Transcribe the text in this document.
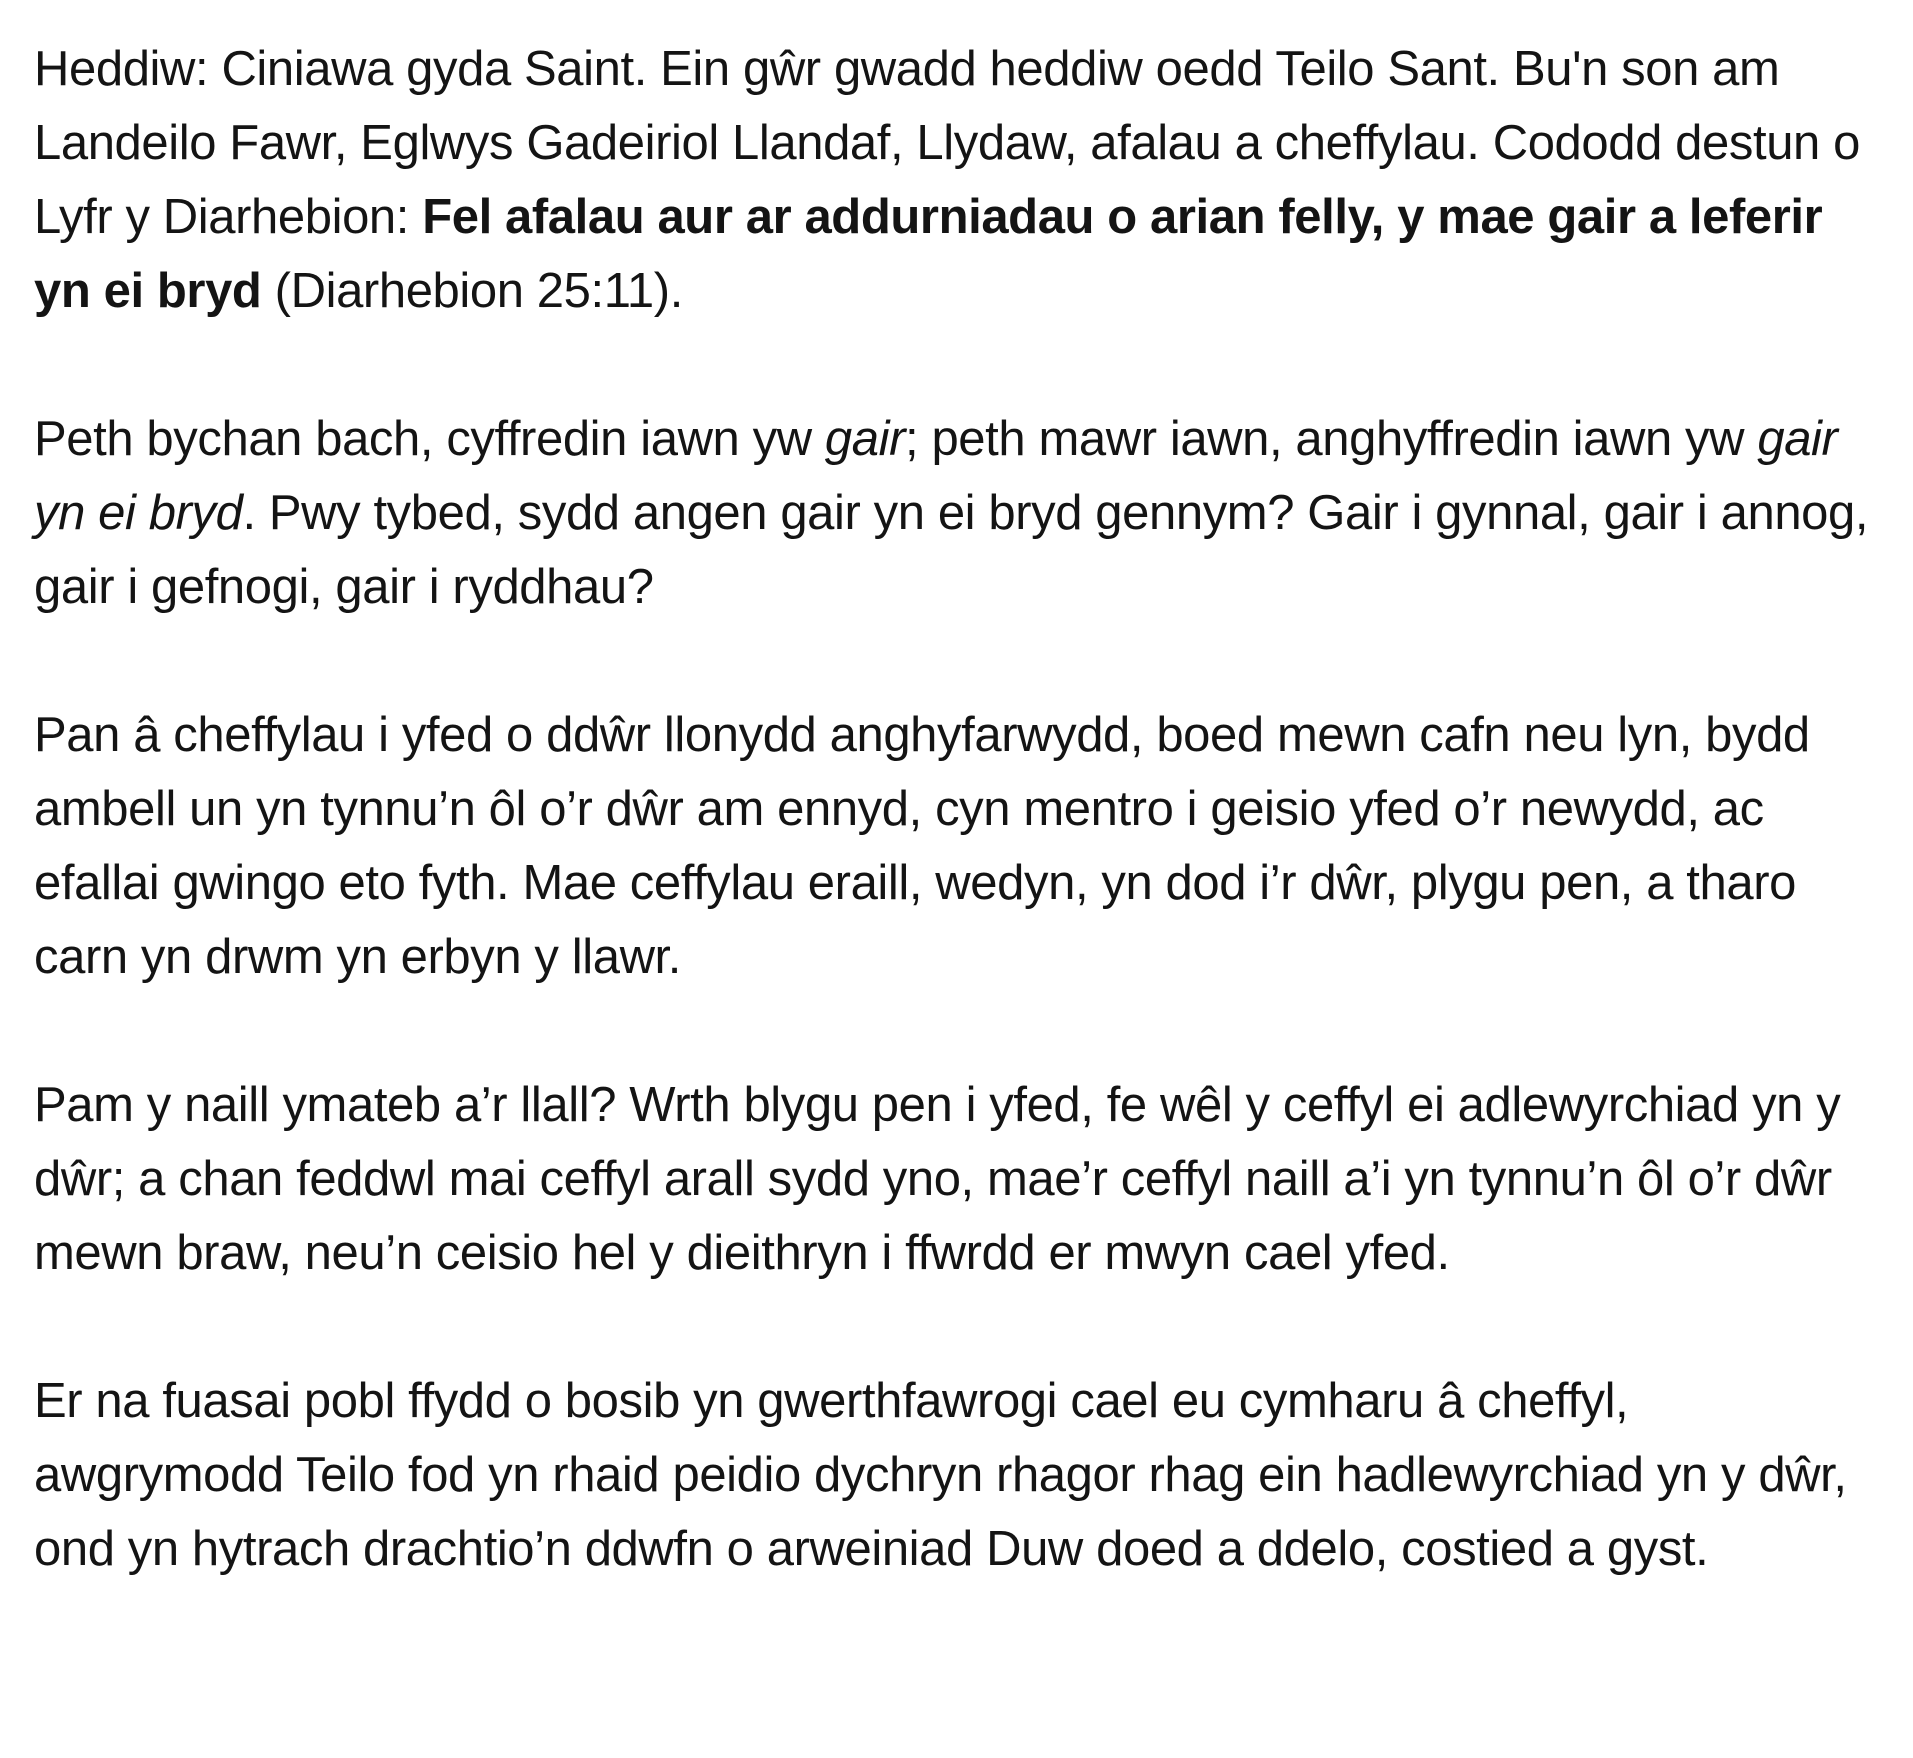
Heddiw: Ciniawa gyda Saint. Ein gŵr gwadd heddiw oedd Teilo Sant. Bu'n son am Landeilo Fawr, Eglwys Gadeiriol Llandaf, Llydaw, afalau a cheffylau. Cododd destun o Lyfr y Diarhebion: Fel afalau aur ar addurniadau o arian felly, y mae gair a leferir yn ei bryd (Diarhebion 25:11).

Peth bychan bach, cyffredin iawn yw gair; peth mawr iawn, anghyffredin iawn yw gair yn ei bryd. Pwy tybed, sydd angen gair yn ei bryd gennym? Gair i gynnal, gair i annog, gair i gefnogi, gair i ryddhau?

Pan â cheffylau i yfed o ddŵr llonydd anghyfarwydd, boed mewn cafn neu lyn, bydd ambell un yn tynnu’n ôl o’r dŵr am ennyd, cyn mentro i geisio yfed o’r newydd, ac efallai gwingo eto fyth. Mae ceffylau eraill, wedyn, yn dod i’r dŵr, plygu pen, a tharo carn yn drwm yn erbyn y llawr.

Pam y naill ymateb a’r llall? Wrth blygu pen i yfed, fe wêl y ceffyl ei adlewyrchiad yn y dŵr; a chan feddwl mai ceffyl arall sydd yno, mae’r ceffyl naill a’i yn tynnu’n ôl o’r dŵr mewn braw, neu’n ceisio hel y dieithryn i ffwrdd er mwyn cael yfed.

Er na fuasai pobl ffydd o bosib yn gwerthfawrogi cael eu cymharu â cheffyl, awgrymodd Teilo fod yn rhaid peidio dychryn rhagor rhag ein hadlewyrchiad yn y dŵr, ond yn hytrach drachtio’n ddwfn o arweiniad Duw doed a ddelo, costied a gyst.
